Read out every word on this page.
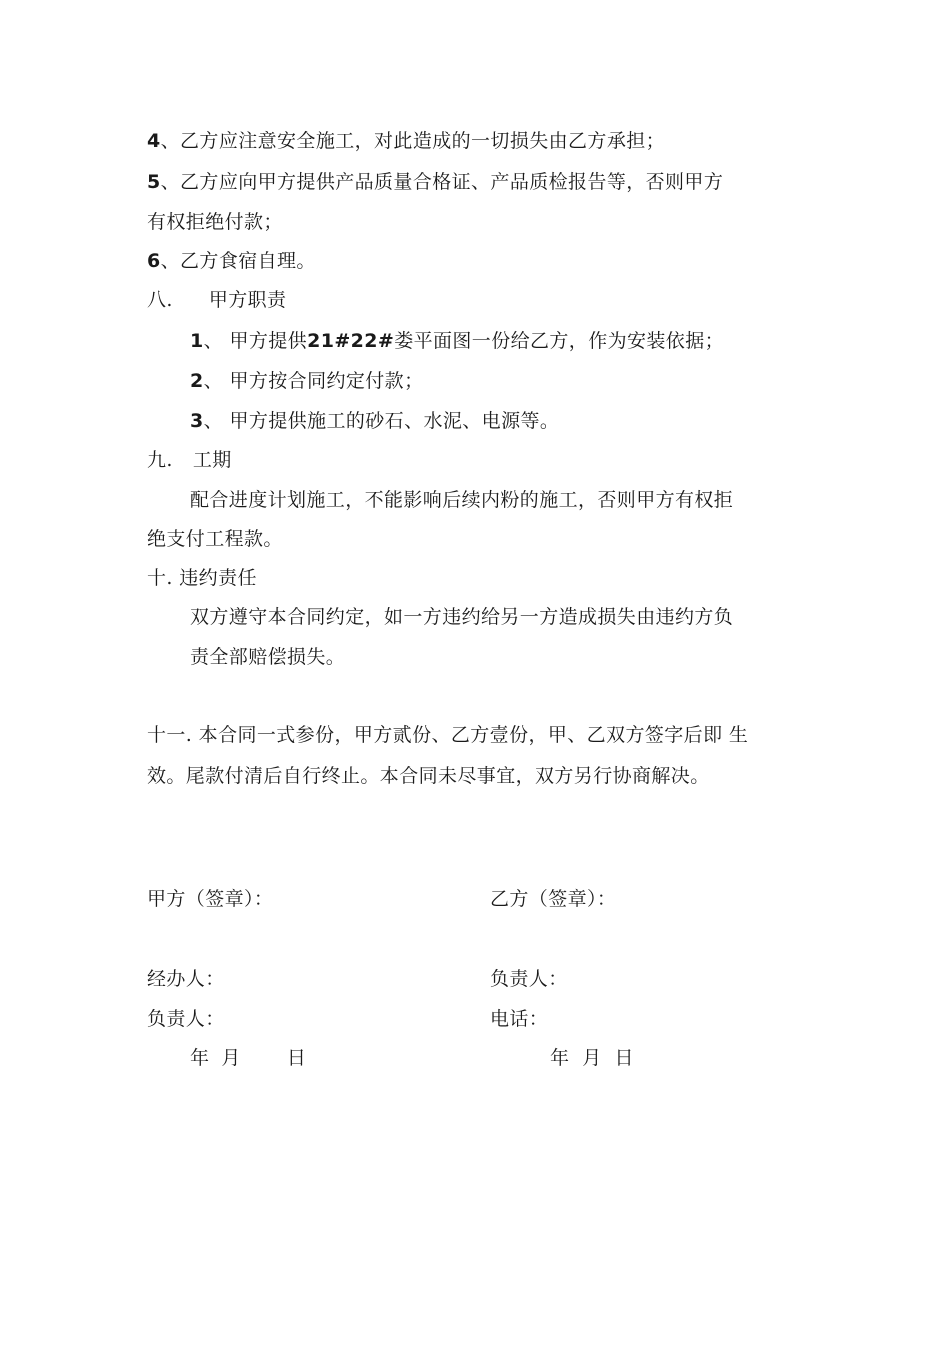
4、乙方应注意安全施工，对此造成的一切损失由乙方承担；
5、乙方应向甲方提供产品质量合格证、产品质检报告等，否则甲方
有权拒绝付款；
6、乙方食宿自理。
八. 甲方职责
1、 甲方提供21#22#娄平面图一份给乙方，作为安装依据；
2、 甲方按合同约定付款；
3、 甲方提供施工的砂石、水泥、电源等。
九. 工期
配合进度计划施工，不能影响后续内粉的施工，否则甲方有权拒
绝支付工程款。
十. 违约责任
双方遵守本合同约定，如一方违约给另一方造成损失由违约方负
责全部赔偿损失。
十一. 本合同一式参份，甲方贰份、乙方壹份，甲、乙双方签字后即 生
效。尾款付清后自行终止。本合同未尽事宜，双方另行协商解决。
甲方（签章）：	乙方（签章）：
经办人：	负责人：
负责人：	电话：
年 月 日	年  月  日
